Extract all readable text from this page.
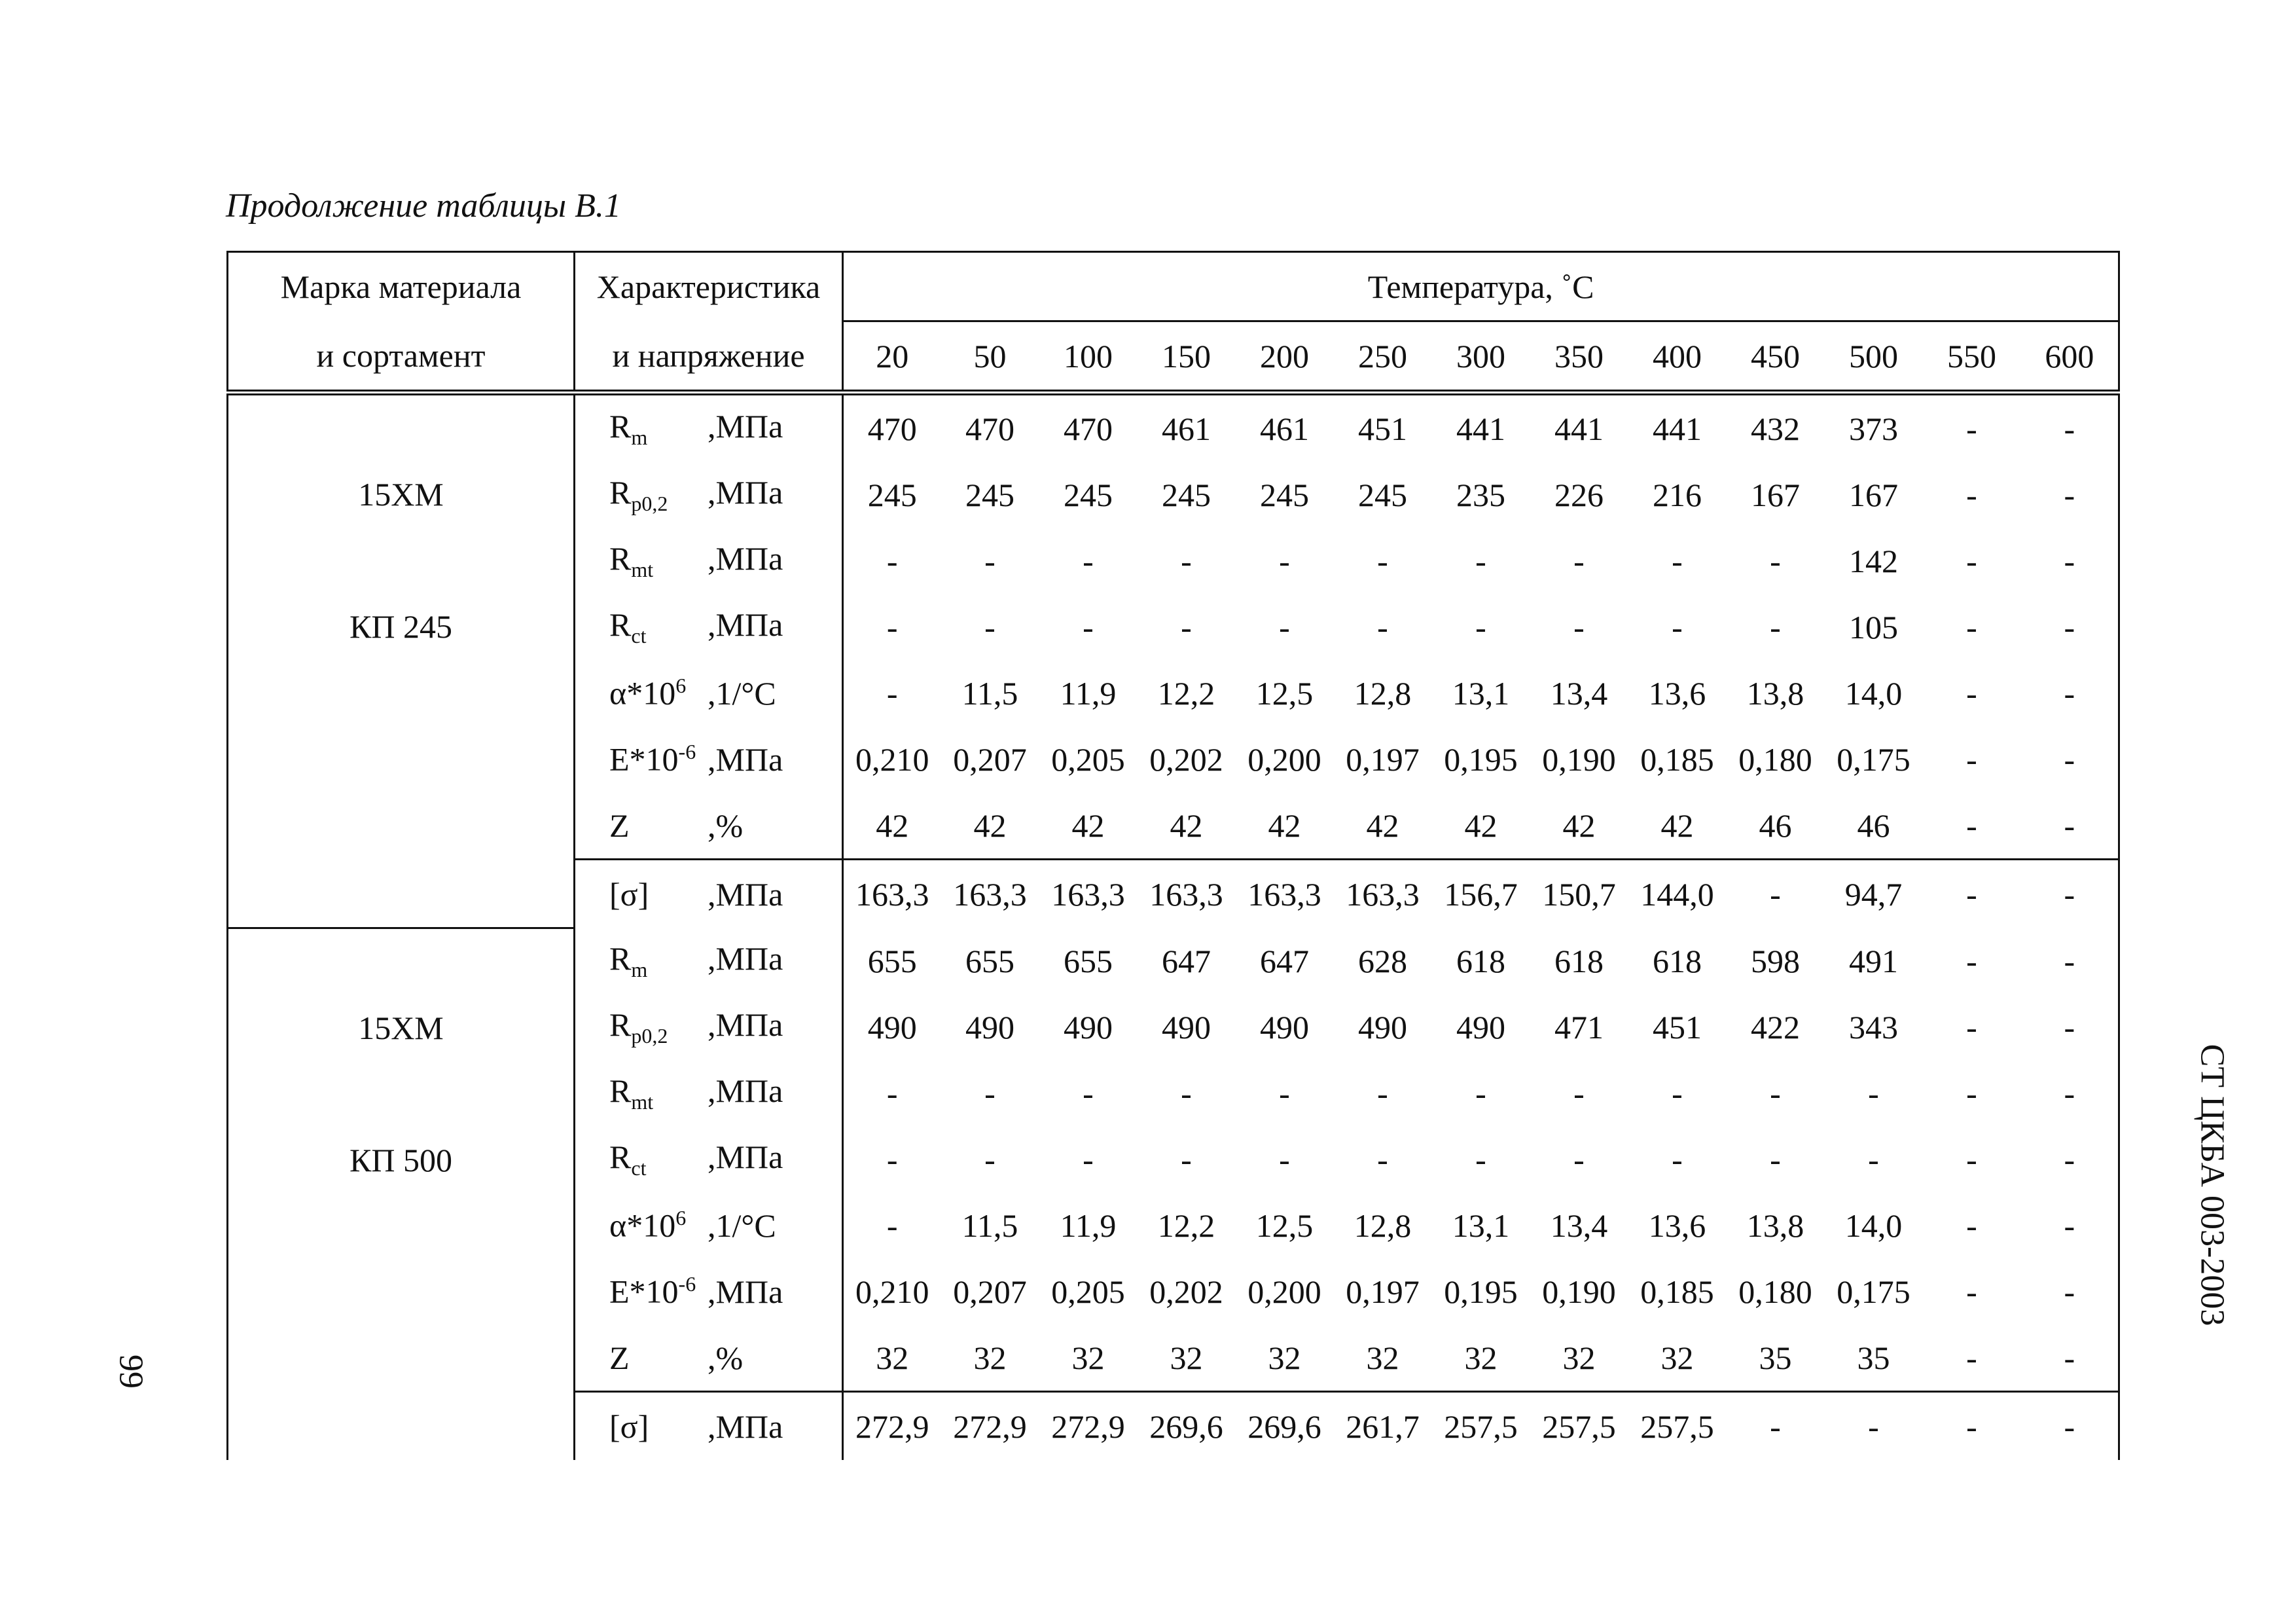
Продолжение таблицы В.1
СТ ЦКБА 003-2003
99
Марка материала	Характеристика	Температура, ˚С												
и сортамент	и напряжение	20	50	100	150	200	250	300	350	400	450	500	550	600

15ХМ
КП 245	$R_m$ ,МПа	470	470	470	461	461	451	441	441	441	432	373	-	-
	$R_{p0,2}$ ,МПа	245	245	245	245	245	245	235	226	216	167	167	-	-
	$R_{mt}$ ,МПа	-	-	-	-	-	-	-	-	-	-	142	-	-
	$R_{ct}$ ,МПа	-	-	-	-	-	-	-	-	-	-	105	-	-
	$\alpha*10^6$ ,1/°С	-	11,5	11,9	12,2	12,5	12,8	13,1	13,4	13,6	13,8	14,0	-	-
	$E*10^{-6}$ ,МПа	0,210	0,207	0,205	0,202	0,200	0,197	0,195	0,190	0,185	0,180	0,175	-	-
	Z ,%	42	42	42	42	42	42	42	42	42	46	46	-	-
	[σ] ,МПа	163,3	163,3	163,3	163,3	163,3	163,3	156,7	150,7	144,0	-	94,7	-	-

15ХМ
КП 500	$R_m$ ,МПа	655	655	655	647	647	628	618	618	618	598	491	-	-
	$R_{p0,2}$ ,МПа	490	490	490	490	490	490	490	471	451	422	343	-	-
	$R_{mt}$ ,МПа	-	-	-	-	-	-	-	-	-	-	-	-	-
	$R_{ct}$ ,МПа	-	-	-	-	-	-	-	-	-	-	-	-	-
	$\alpha*10^6$ ,1/°С	-	11,5	11,9	12,2	12,5	12,8	13,1	13,4	13,6	13,8	14,0	-	-
	$E*10^{-6}$ ,МПа	0,210	0,207	0,205	0,202	0,200	0,197	0,195	0,190	0,185	0,180	0,175	-	-
	Z ,%	32	32	32	32	32	32	32	32	32	35	35	-	-
	[σ] ,МПа	272,9	272,9	272,9	269,6	269,6	261,7	257,5	257,5	257,5	-	-	-	-
